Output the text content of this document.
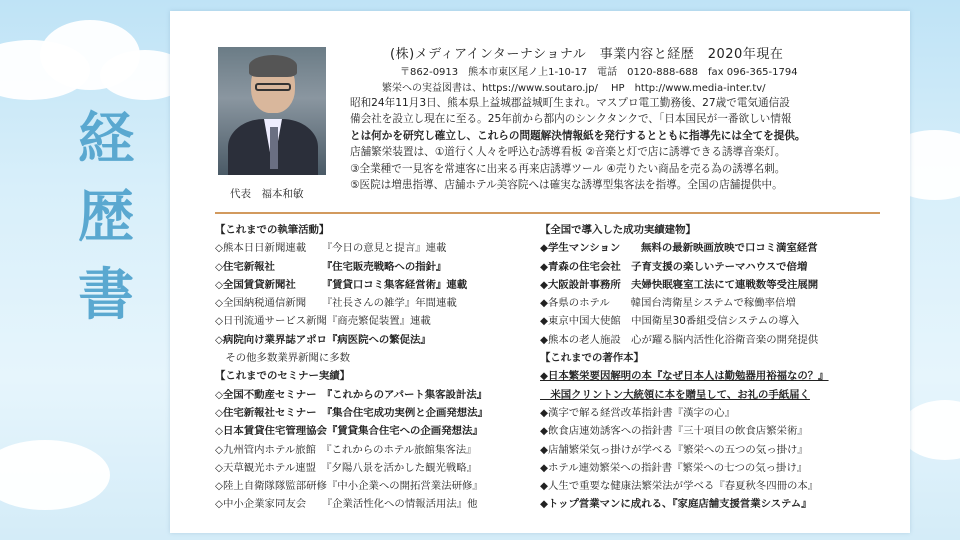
経
歴
書
代表　福本和敏
(株)メディアインターナショナル　事業内容と経歴　2020年現在
〒862-0913　熊本市東区尾ノ上1-10-17　電話　0120-888-688　fax 096-365-1794
繁栄への実益図書は、https://www.soutaro.jp/　 HP　http://www.media-inter.tv/
昭和24年11月3日、熊本県上益城郡益城町生まれ。マスプロ電工勤務後、27歳で電気通信設
備会社を設立し現在に至る。25年前から都内のシンクタンクで、「日本国民が一番欲しい情報
とは何かを研究し確立し、これらの問題解決情報紙を発行するとともに指導先には全てを提供。
店舗繁栄装置は、①道行く人々を呼込む誘導看板 ②音楽と灯で店に誘導できる誘導音楽灯。
③全業種で一見客を常連客に出来る再来店誘導ツール ④売りたい商品を売る為の誘導名刺。
⑤医院は増患指導、店舗ホテル美容院へは確実な誘導型集客法を指導。全国の店舗提供中。
【これまでの執筆活動】
◇熊本日日新聞連載　　『今日の意見と提言』連載
◇住宅新報社　　　　　『住宅販売戦略への指針』
◇全国賃貸新聞社　　　『賃貸口コミ集客経営術』連載
◇全国納税通信新聞　　『社長さんの雑学』年間連載
◇日刊流通サービス新聞『商売繁促装置』連載
◇病院向け業界誌アポロ『病医院への繁促法』
　その他多数業界新聞に多数
【これまでのセミナー実績】
◇全国不動産セミナー　『これからのアパート集客設計法』
◇住宅新報社セミナー　『集合住宅成功実例と企画発想法』
◇日本賃貸住宅管理協会『賃貸集合住宅への企画発想法』
◇九州管内ホテル旅館　『これからのホテル旅館集客法』
◇天草観光ホテル連盟　『夕陽八景を活かした観光戦略』
◇陸上自衛隊隊監部研修『中小企業への開拓営業法研修』
◇中小企業家同友会　　『企業活性化への情報活用法』他
【全国で導入した成功実績建物】
◆学生マンション　　無料の最新映画放映で口コミ満室経営
◆青森の住宅会社　子育支援の楽しいテーマハウスで倍増
◆大阪設計事務所　夫婦快眠寝室工法にて連戦数等受注展開
◆各県のホテル　　韓国台湾衛星システムで稼働率倍増
◆東京中国大使館　中国衛星30番組受信システムの導入
◆熊本の老人施設　心が躍る脳内活性化浴衛音楽の開発提供
【これまでの著作本】
◆日本繁栄要因解明の本『なぜ日本人は勤勉器用裕福なの？』
　米国クリントン大統領に本を贈呈して、お礼の手紙届く
◆漢字で解る経営改革指針書『漢字の心』
◆飲食店連効誘客への指針書『三十項目の飲食店繁栄術』
◆店舗繁栄気っ掛けが学べる『繁栄への五つの気っ掛け』
◆ホテル連効繁栄への指針書『繁栄への七つの気っ掛け』
◆人生で重要な健康法繁栄法が学べる『春夏秋冬四冊の本』
◆トップ営業マンに成れる、『家庭店舗支援営業システム』
